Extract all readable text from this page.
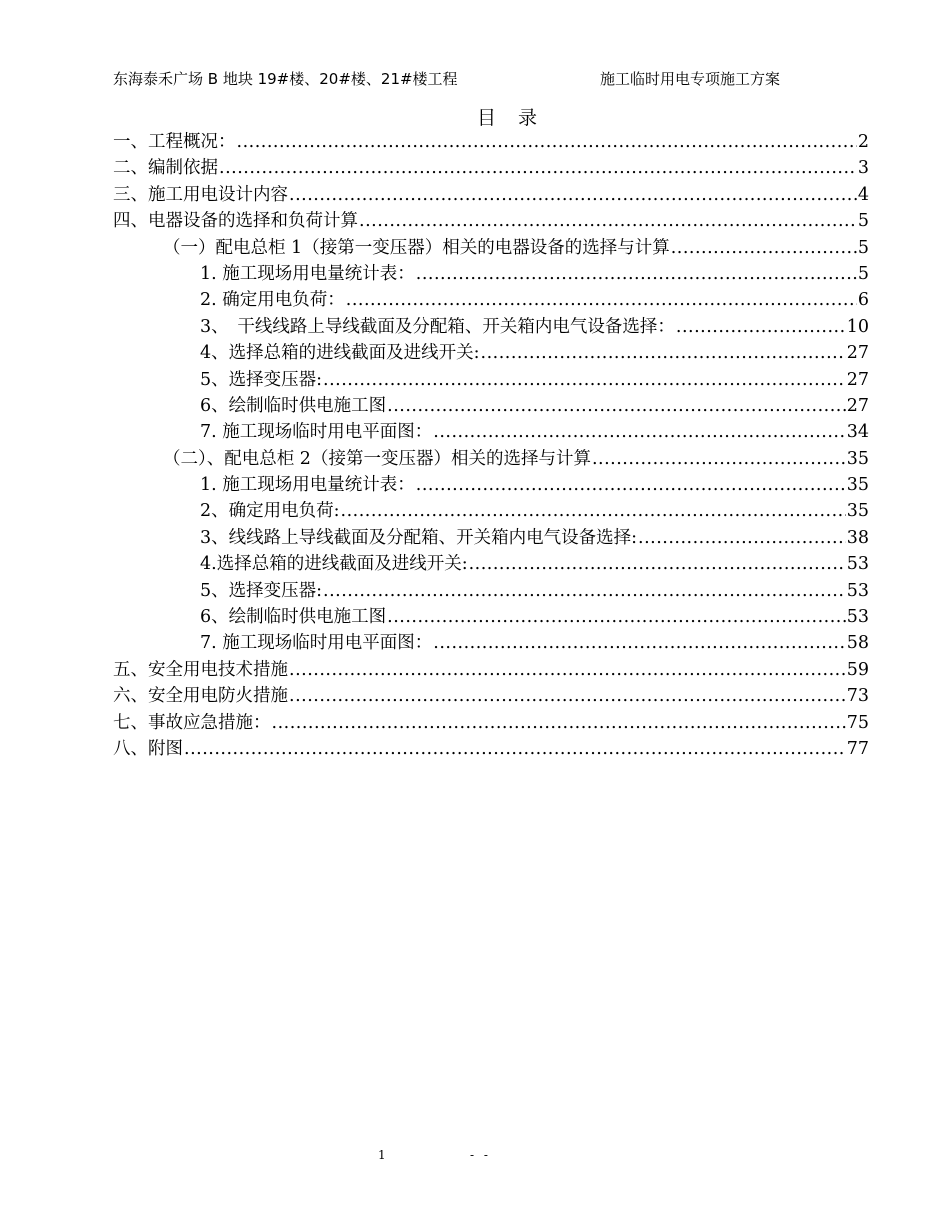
东海泰禾广场 B 地块 19#楼、20#楼、21#楼工程	施工临时用电专项施工方案
目 录
一、工程概况： .....	2
二、编制依据 .....	3
三、施工用电设计内容 .....	4
四、电器设备的选择和负荷计算 .....	5
（一）配电总柜 1（接第一变压器）相关的电器设备的选择与计算 .....	5
1. 施工现场用电量统计表： .....	5
2. 确定用电负荷： .....	6
3、　干线线路上导线截面及分配箱、开关箱内电气设备选择： .....	10
4、选择总箱的进线截面及进线开关: .....	27
5、选择变压器: .....	27
6、绘制临时供电施工图 .....	27
7. 施工现场临时用电平面图： .....	34
（二）、配电总柜 2（接第一变压器）相关的选择与计算 .....	35
1. 施工现场用电量统计表： .....	35
2、确定用电负荷: .....	35
3、线线路上导线截面及分配箱、开关箱内电气设备选择: .....	38
4.选择总箱的进线截面及进线开关: .....	53
5、选择变压器: .....	53
6、绘制临时供电施工图 .....	53
7. 施工现场临时用电平面图： .....	58
五、安全用电技术措施 .....	59
六、安全用电防火措施 .....	73
七、事故应急措施： .....	75
八、附图 .....	77
1	- -
